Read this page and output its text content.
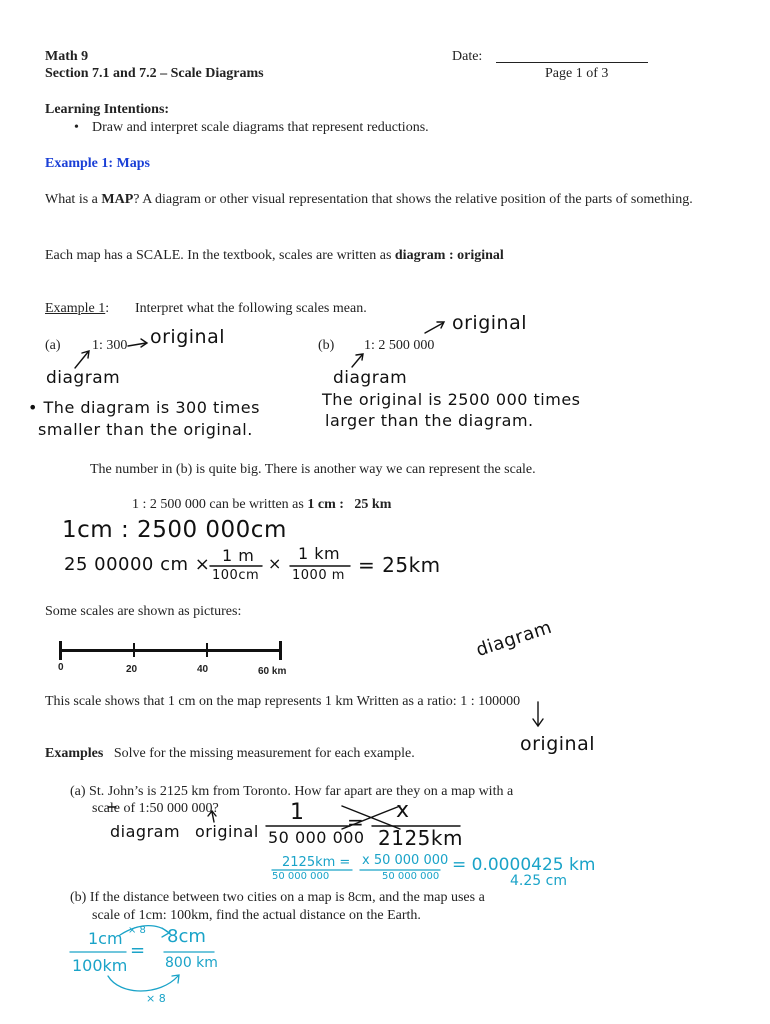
Math 9
Section 7.1 and 7.2 – Scale Diagrams
Date:
Page 1 of 3
Learning Intentions:
• Draw and interpret scale diagrams that represent reductions.
Example 1: Maps
What is a MAP? A diagram or other visual representation that shows the relative position of the parts of something.
Each map has a SCALE. In the textbook, scales are written as diagram : original
Example 1: Interpret what the following scales mean.
(a) 1: 300	(b) 1: 2 500 000
original
diagram
• The diagram is 300 times
smaller than the original.
original
diagram
The original is 2500 000 times
larger than the diagram.
The number in (b) is quite big. There is another way we can represent the scale.
1 : 2 500 000 can be written as 1 cm : 25 km
1cm : 2500 000cm
25 00000 cm × 1 m
100cm
×
1 km
1000 m = 25km
Some scales are shown as pictures:
0	20	40	60 km
diagram
This scale shows that 1 cm on the map represents 1 km Written as a ratio: 1 : 100000
original
Examples Solve for the missing measurement for each example.
(a) St. John’s is 2125 km from Toronto. How far apart are they on a map with a
scale of 1:50 000 000?
diagram original
1
50 000 000
= x
2125km
2125km =
50 000 000
x 50 000 000
50 000 000
= 0.0000425 km
4.25 cm
(b) If the distance between two cities on a map is 8cm, and the map uses a
scale of 1cm: 100km, find the actual distance on the Earth.
1cm
100km
× 8
=
8cm
800 km
× 8
